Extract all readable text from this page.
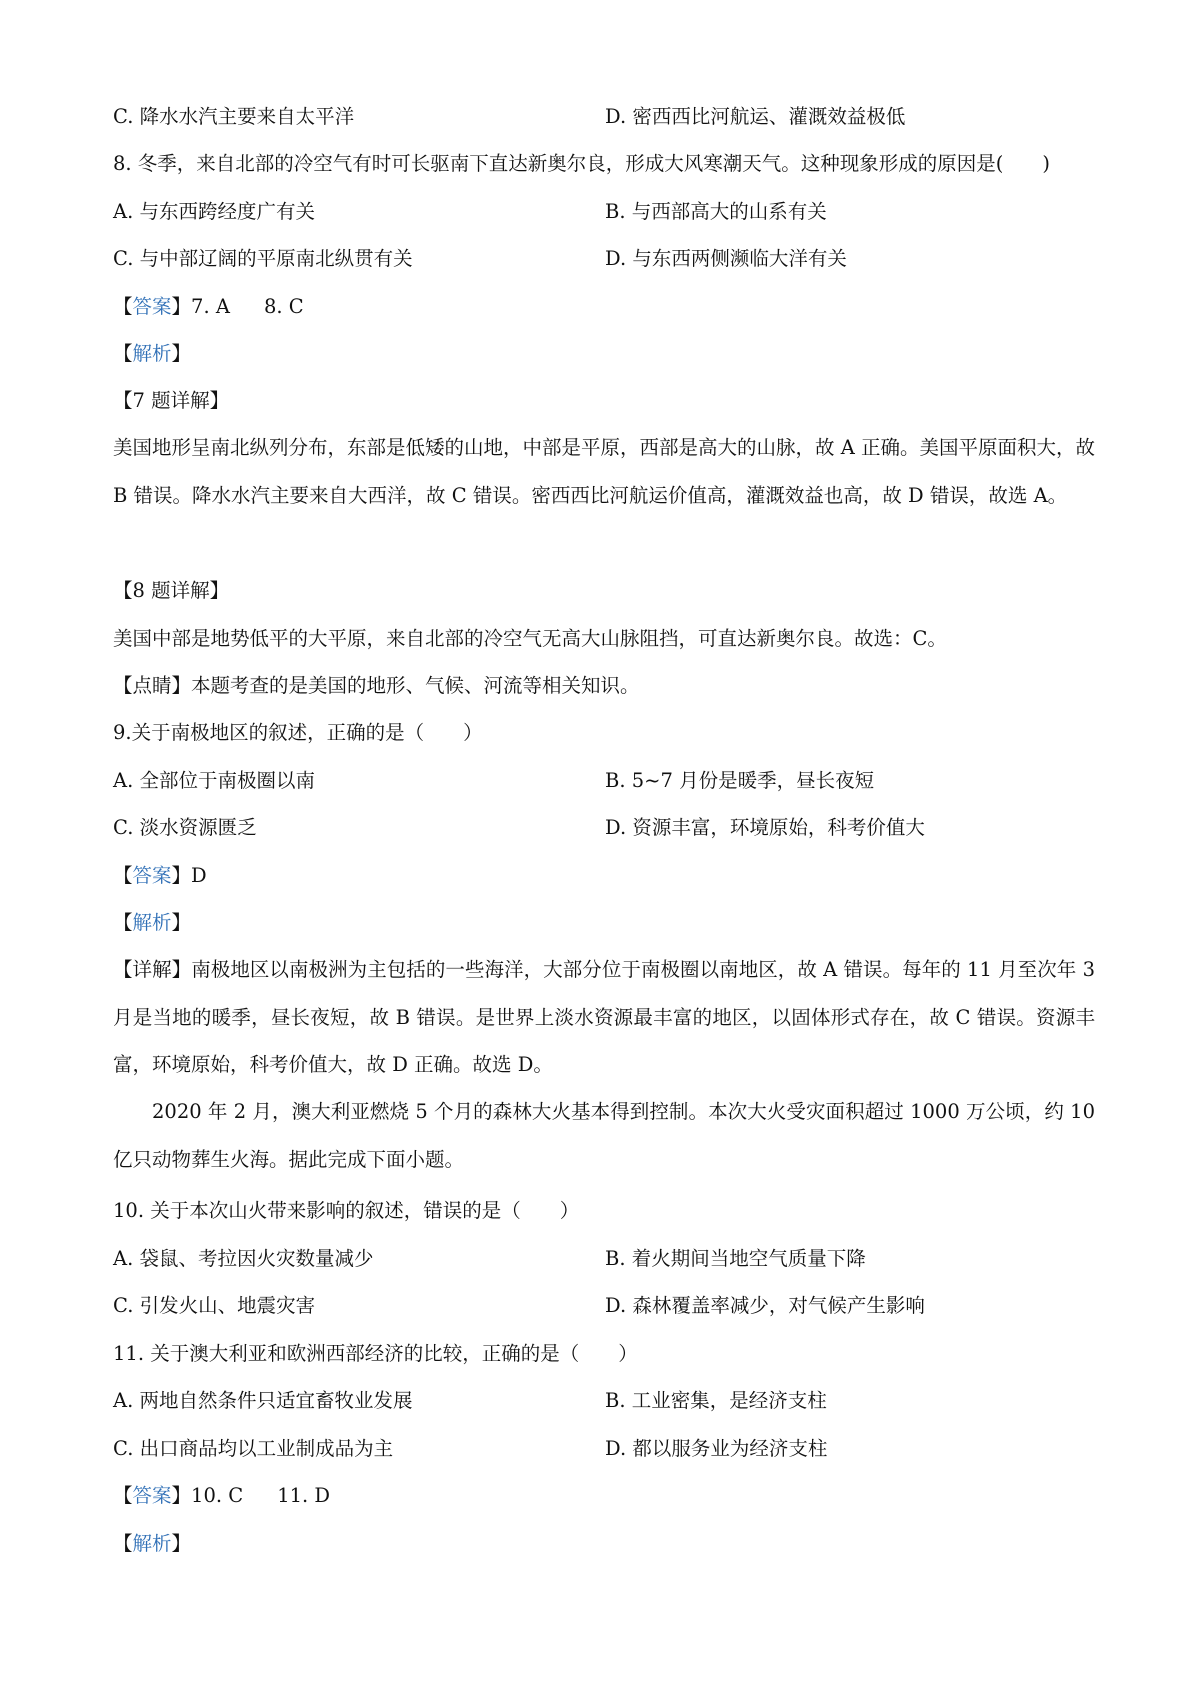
C. 降水水汽主要来自太平洋	D. 密西西比河航运、灌溉效益极低
8. 冬季，来自北部的冷空气有时可长驱南下直达新奥尔良，形成大风寒潮天气。这种现象形成的原因是(　　)
A. 与东西跨经度广有关	B. 与西部高大的山系有关
C. 与中部辽阔的平原南北纵贯有关	D. 与东西两侧濒临大洋有关
【答案】7. A 8. C
【解析】
【7 题详解】
美国地形呈南北纵列分布，东部是低矮的山地，中部是平原，西部是高大的山脉，故 A 正确。美国平原面积大，故 B 错误。降水水汽主要来自大西洋，故 C 错误。密西西比河航运价值高，灌溉效益也高，故 D 错误，故选 A。
【8 题详解】
美国中部是地势低平的大平原，来自北部的冷空气无高大山脉阻挡，可直达新奥尔良。故选：C。
【点睛】本题考查的是美国的地形、气候、河流等相关知识。
9.关于南极地区的叙述，正确的是（　　）
A. 全部位于南极圈以南	B. 5~7 月份是暖季，昼长夜短
C. 淡水资源匮乏	D. 资源丰富，环境原始，科考价值大
【答案】D
【解析】
【详解】南极地区以南极洲为主包括的一些海洋，大部分位于南极圈以南地区，故 A 错误。每年的 11 月至次年 3 月是当地的暖季，昼长夜短，故 B 错误。是世界上淡水资源最丰富的地区，以固体形式存在，故 C 错误。资源丰富，环境原始，科考价值大，故 D 正确。故选 D。
2020 年 2 月，澳大利亚燃烧 5 个月的森林大火基本得到控制。本次大火受灾面积超过 1000 万公顷，约 10 亿只动物葬生火海。据此完成下面小题。
10. 关于本次山火带来影响的叙述，错误的是（　　）
A. 袋鼠、考拉因火灾数量减少	B. 着火期间当地空气质量下降
C. 引发火山、地震灾害	D. 森林覆盖率减少，对气候产生影响
11. 关于澳大利亚和欧洲西部经济的比较，正确的是（　　）
A. 两地自然条件只适宜畜牧业发展	B. 工业密集，是经济支柱
C. 出口商品均以工业制成品为主	D. 都以服务业为经济支柱
【答案】10. C 11. D
【解析】
